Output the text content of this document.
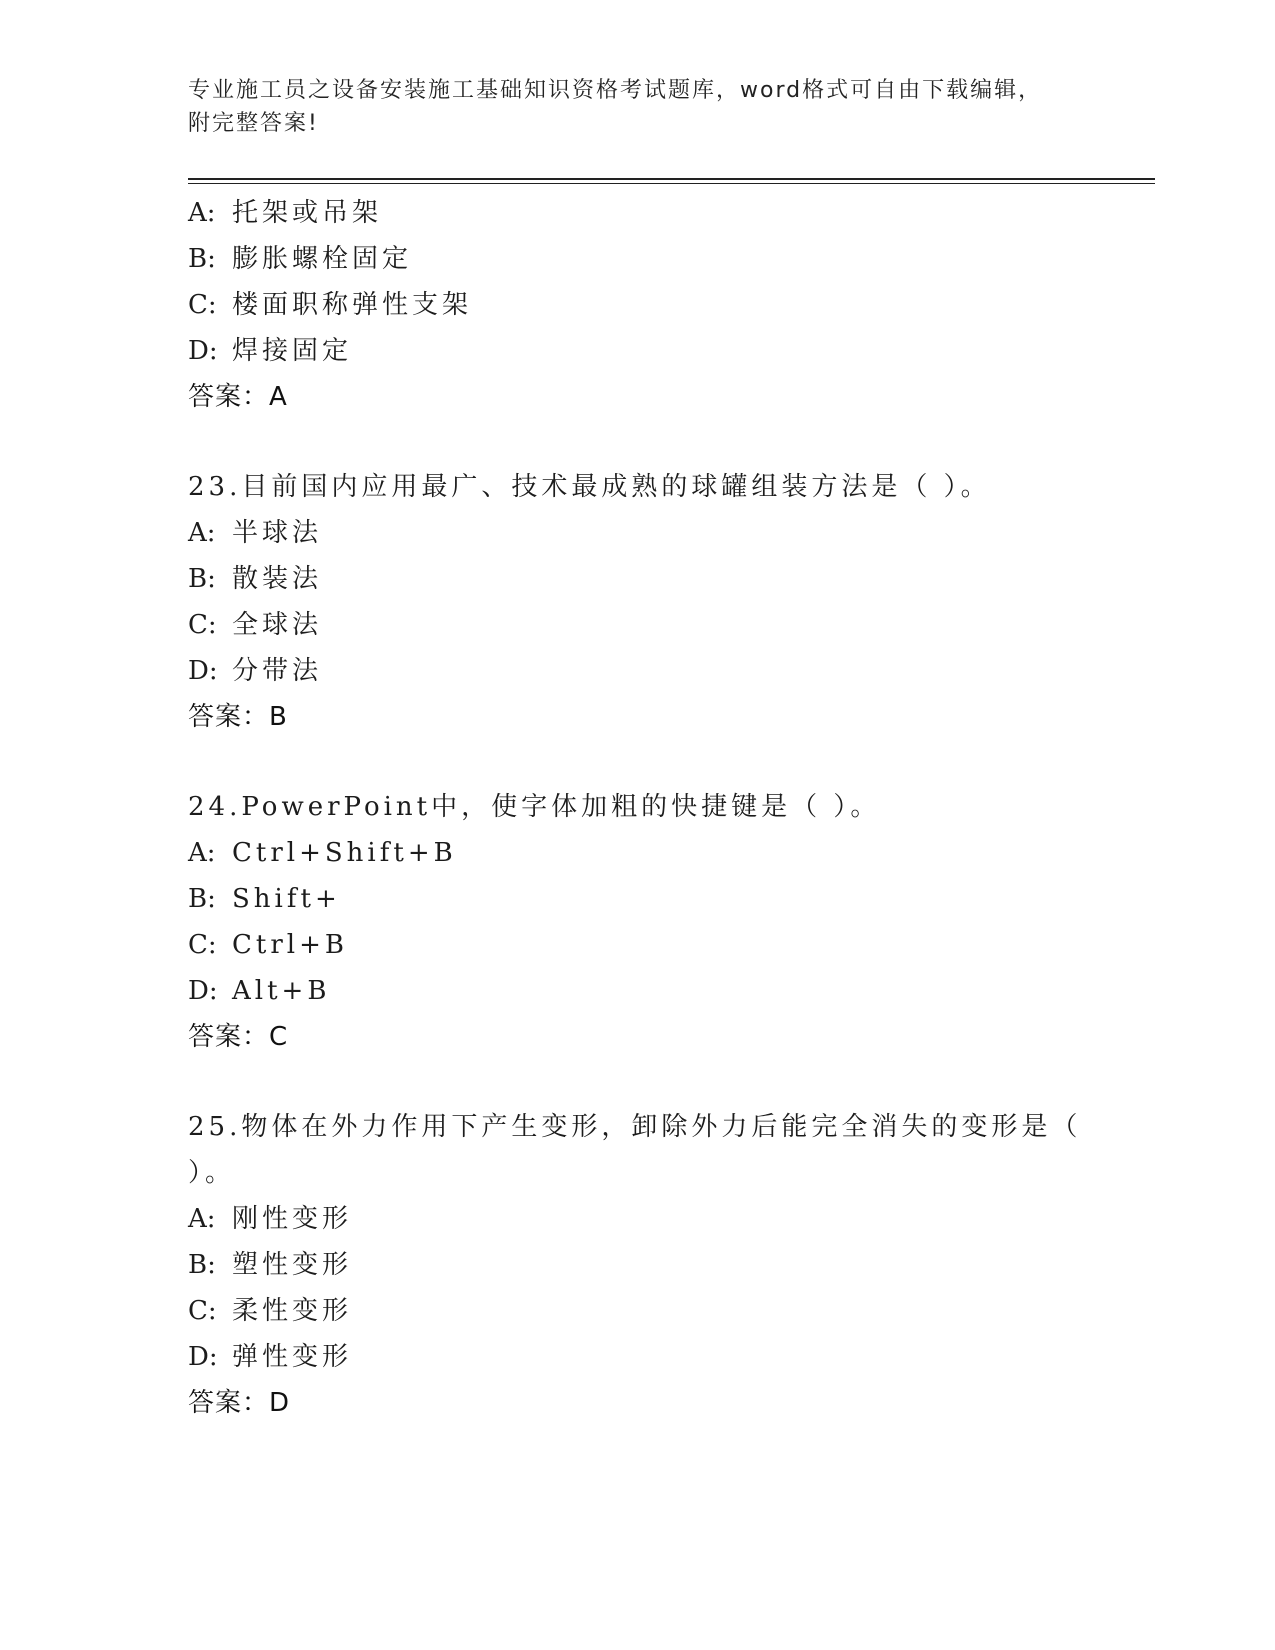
专业施工员之设备安装施工基础知识资格考试题库，word格式可自由下载编辑，
附完整答案!
A: 托架或吊架
B: 膨胀螺栓固定
C: 楼面职称弹性支架
D: 焊接固定
答案：A
23.目前国内应用最广、技术最成熟的球罐组装方法是（ ）。
A: 半球法
B: 散装法
C: 全球法
D: 分带法
答案：B
24.PowerPoint中，使字体加粗的快捷键是（ ）。
A: Ctrl+Shift+B
B: Shift+
C: Ctrl+B
D: Alt+B
答案：C
25.物体在外力作用下产生变形，卸除外力后能完全消失的变形是（
）。
A: 刚性变形
B: 塑性变形
C: 柔性变形
D: 弹性变形
答案：D
